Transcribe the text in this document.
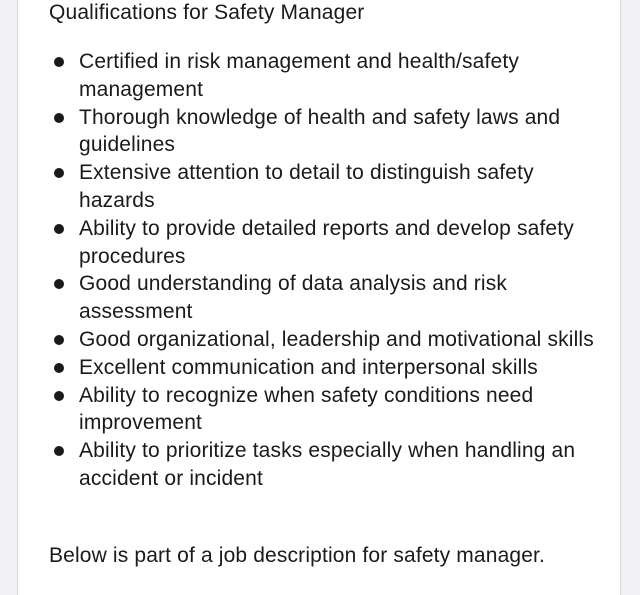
Qualifications for Safety Manager
Certified in risk management and health/safety management
Thorough knowledge of health and safety laws and guidelines
Extensive attention to detail to distinguish safety hazards
Ability to provide detailed reports and develop safety procedures
Good understanding of data analysis and risk assessment
Good organizational, leadership and motivational skills
Excellent communication and interpersonal skills
Ability to recognize when safety conditions need improvement
Ability to prioritize tasks especially when handling an accident or incident
Below is part of a job description for safety manager.
